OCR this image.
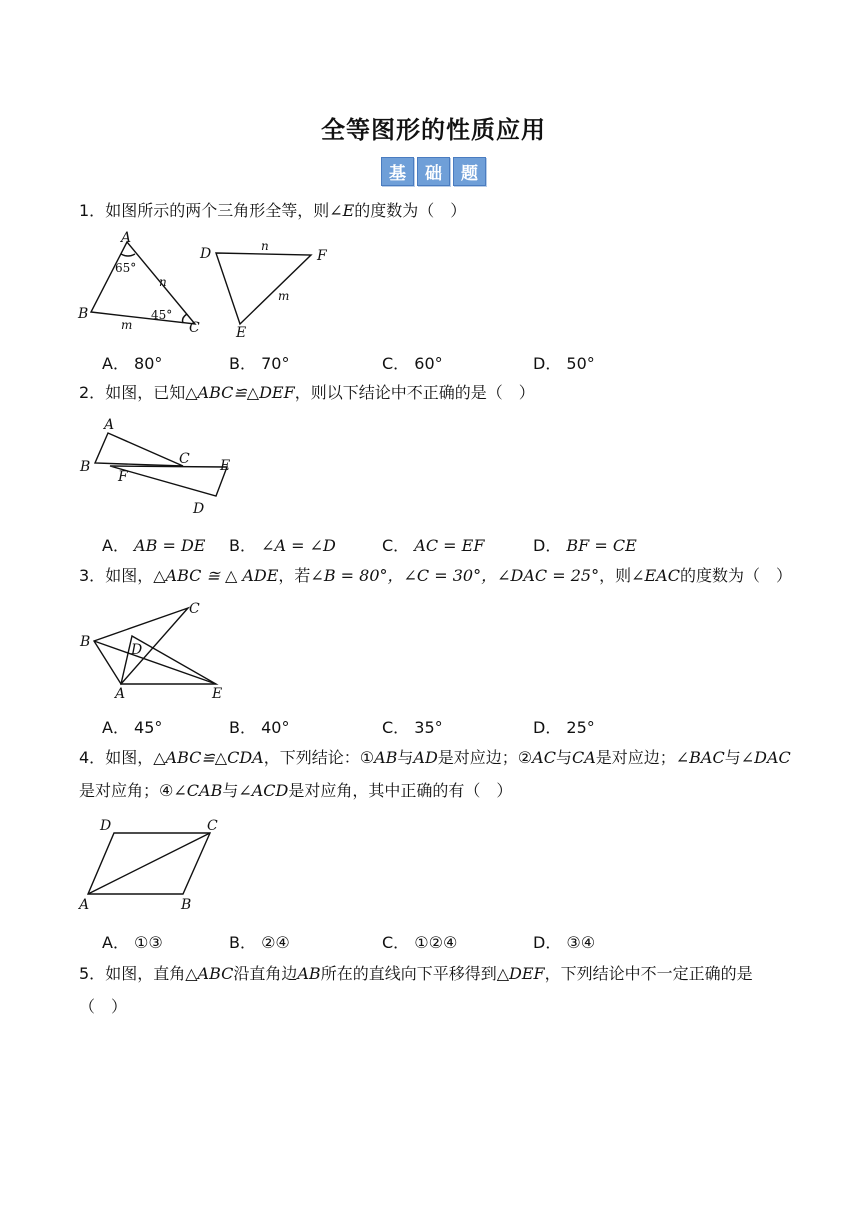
全等图形的性质应用
基	础	题
1．如图所示的两个三角形全等，则∠E的度数为（　）
A
B
C
n
m
65°
45°
D
E
F
n
m
A． 80°	B． 70°	C． 60°	D． 50°
2．如图，已知△ABC≌△DEF，则以下结论中不正确的是（　）
A
B	C E
F
D
A． AB = DE B． ∠A = ∠D	C． AC = EF	D． BF = CE
3．如图，△ABC ≅ △ ADE，若∠B = 80°，∠C = 30°，∠DAC = 25°，则∠EAC的度数为（　）
C
B	D
A	E
A． 45°	B． 40°	C． 35°	D． 25°
4．如图，△ABC≌△CDA，下列结论：①AB与AD是对应边；②AC与CA是对应边；∠BAC与∠DAC
是对应角；④∠CAB与∠ACD是对应角，其中正确的有（　）
D	C
A	B
A． ①③	B． ②④	C． ①②④	D． ③④
5．如图，直角△ABC沿直角边AB所在的直线向下平移得到△DEF，下列结论中不一定正确的是
（　）
